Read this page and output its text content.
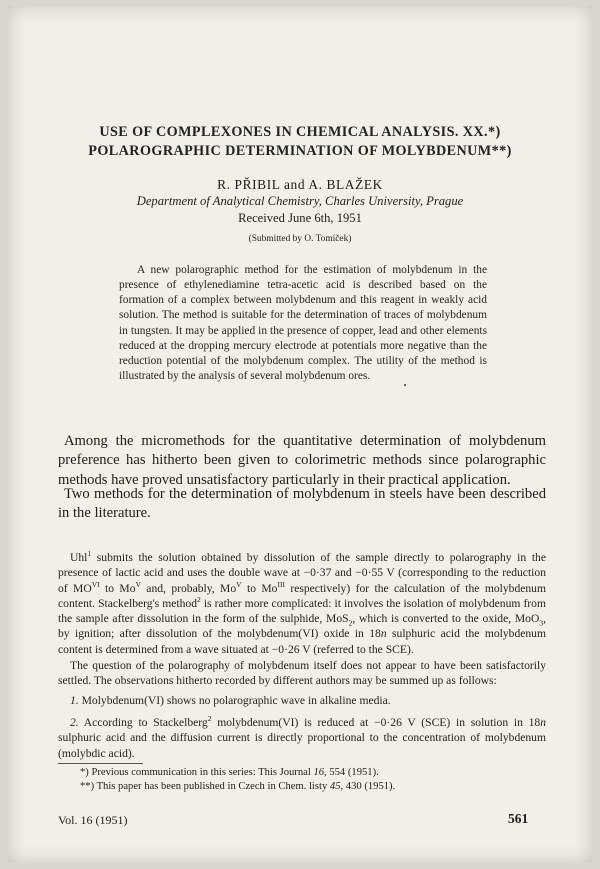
USE OF COMPLEXONES IN CHEMICAL ANALYSIS. XX.*)
POLAROGRAPHIC DETERMINATION OF MOLYBDENUM**)
R. PŘIBIL and A. BLAŽEK
Department of Analytical Chemistry, Charles University, Prague
Received June 6th, 1951
(Submitted by O. Tomíček)

A new polarographic method for the estimation of molybdenum in the presence of ethylenediamine tetra-acetic acid is described based on the formation of a complex between molybdenum and this reagent in weakly acid solution. The method is suitable for the determination of traces of molybdenum in tungsten. It may be applied in the presence of copper, lead and other elements reduced at the dropping mercury electrode at potentials more negative than the reduction potential of the molybdenum complex. The utility of the method is illustrated by the analysis of several molybdenum ores.

Among the micromethods for the quantitative determination of molybdenum preference has hitherto been given to colorimetric methods since polarographic methods have proved unsatisfactory particularly in their practical application.

Two methods for the determination of molybdenum in steels have been described in the literature.

Uhl$^1$ submits the solution obtained by dissolution of the sample directly to polarography in the presence of lactic acid and uses the double wave at −0·37 and −0·55 V (corresponding to the reduction of $MO^{VI}$ to $Mo^V$ and, probably, $Mo^V$ to $Mo^{III}$ respectively) for the calculation of the molybdenum content. Stackelberg's method$^2$ is rather more complicated: it involves the isolation of molybdenum from the sample after dissolution in the form of the sulphide, MoS$_2$, which is converted to the oxide, MoO$_3$, by ignition; after dissolution of the molybdenum(VI) oxide in 18n sulphuric acid the molybdenum content is determined from a wave situated at −0·26 V (referred to the SCE).

The question of the polarography of molybdenum itself does not appear to have been satisfactorily settled. The observations hitherto recorded by different authors may be summed up as follows:

1. Molybdenum(VI) shows no polarographic wave in alkaline media.

2. According to Stackelberg$^2$ molybdenum(VI) is reduced at −0·26 V (SCE) in solution in 18n sulphuric acid and the diffusion current is directly proportional to the concentration of molybdenum (molybdic acid).

*) Previous communication in this series: This Journal 16, 554 (1951).
**) This paper has been published in Czech in Chem. listy 45, 430 (1951).
Vol. 16 (1951)	561
